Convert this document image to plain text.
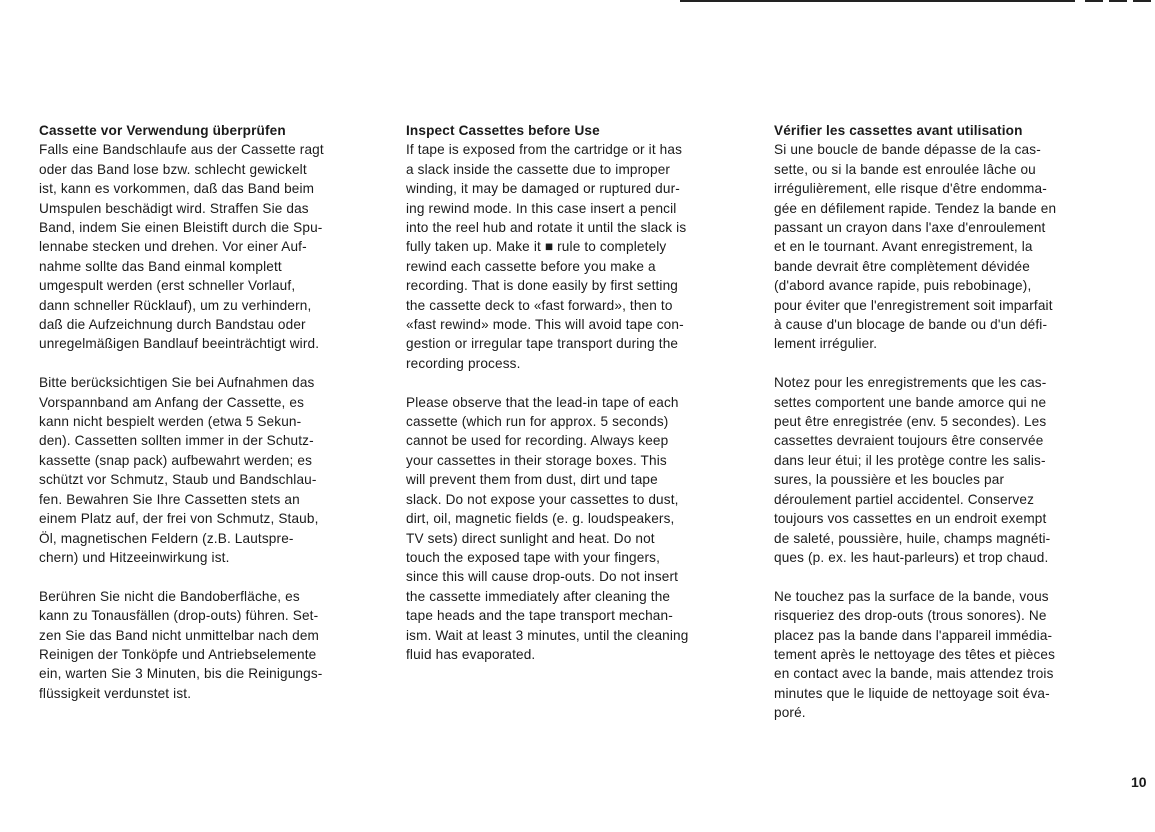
Cassette vor Verwendung überprüfen

Falls eine Bandschlaufe aus der Cassette ragt
oder das Band lose bzw. schlecht gewickelt
ist, kann es vorkommen, daß das Band beim
Umspulen beschädigt wird. Straffen Sie das
Band, indem Sie einen Bleistift durch die Spu-
lennabe stecken und drehen. Vor einer Auf-
nahme sollte das Band einmal komplett
umgespult werden (erst schneller Vorlauf,
dann schneller Rücklauf), um zu verhindern,
daß die Aufzeichnung durch Bandstau oder
unregelmäßigen Bandlauf beeinträchtigt wird.

Bitte berücksichtigen Sie bei Aufnahmen das
Vorspannband am Anfang der Cassette, es
kann nicht bespielt werden (etwa 5 Sekun-
den). Cassetten sollten immer in der Schutz-
kassette (snap pack) aufbewahrt werden; es
schützt vor Schmutz, Staub und Bandschlau-
fen. Bewahren Sie Ihre Cassetten stets an
einem Platz auf, der frei von Schmutz, Staub,
Öl, magnetischen Feldern (z.B. Lautspre-
chern) und Hitzeeinwirkung ist.

Berühren Sie nicht die Bandoberfläche, es
kann zu Tonausfällen (drop-outs) führen. Set-
zen Sie das Band nicht unmittelbar nach dem
Reinigen der Tonköpfe und Antriebselemente
ein, warten Sie 3 Minuten, bis die Reinigungs-
flüssigkeit verdunstet ist.

Inspect Cassettes before Use

If tape is exposed from the cartridge or it has
a slack inside the cassette due to improper
winding, it may be damaged or ruptured dur-
ing rewind mode. In this case insert a pencil
into the reel hub and rotate it until the slack is
fully taken up. Make it ■ rule to completely
rewind each cassette before you make a
recording. That is done easily by first setting
the cassette deck to «fast forward», then to
«fast rewind» mode. This will avoid tape con-
gestion or irregular tape transport during the
recording process.

Please observe that the lead-in tape of each
cassette (which run for approx. 5 seconds)
cannot be used for recording. Always keep
your cassettes in their storage boxes. This
will prevent them from dust, dirt und tape
slack. Do not expose your cassettes to dust,
dirt, oil, magnetic fields (e. g. loudspeakers,
TV sets) direct sunlight and heat. Do not
touch the exposed tape with your fingers,
since this will cause drop-outs. Do not insert
the cassette immediately after cleaning the
tape heads and the tape transport mechan-
ism. Wait at least 3 minutes, until the cleaning
fluid has evaporated.

Vérifier les cassettes avant utilisation

Si une boucle de bande dépasse de la cas-
sette, ou si la bande est enroulée lâche ou
irrégulièrement, elle risque d'être endomma-
gée en défilement rapide. Tendez la bande en
passant un crayon dans l'axe d'enroulement
et en le tournant. Avant enregistrement, la
bande devrait être complètement dévidée
(d'abord avance rapide, puis rebobinage),
pour éviter que l'enregistrement soit imparfait
à cause d'un blocage de bande ou d'un défi-
lement irrégulier.

Notez pour les enregistrements que les cas-
settes comportent une bande amorce qui ne
peut être enregistrée (env. 5 secondes). Les
cassettes devraient toujours être conservée
dans leur étui; il les protège contre les salis-
sures, la poussière et les boucles par
déroulement partiel accidentel. Conservez
toujours vos cassettes en un endroit exempt
de saleté, poussière, huile, champs magnéti-
ques (p. ex. les haut-parleurs) et trop chaud.

Ne touchez pas la surface de la bande, vous
risqueriez des drop-outs (trous sonores). Ne
placez pas la bande dans l'appareil immédia-
tement après le nettoyage des têtes et pièces
en contact avec la bande, mais attendez trois
minutes que le liquide de nettoyage soit éva-
poré.

10
